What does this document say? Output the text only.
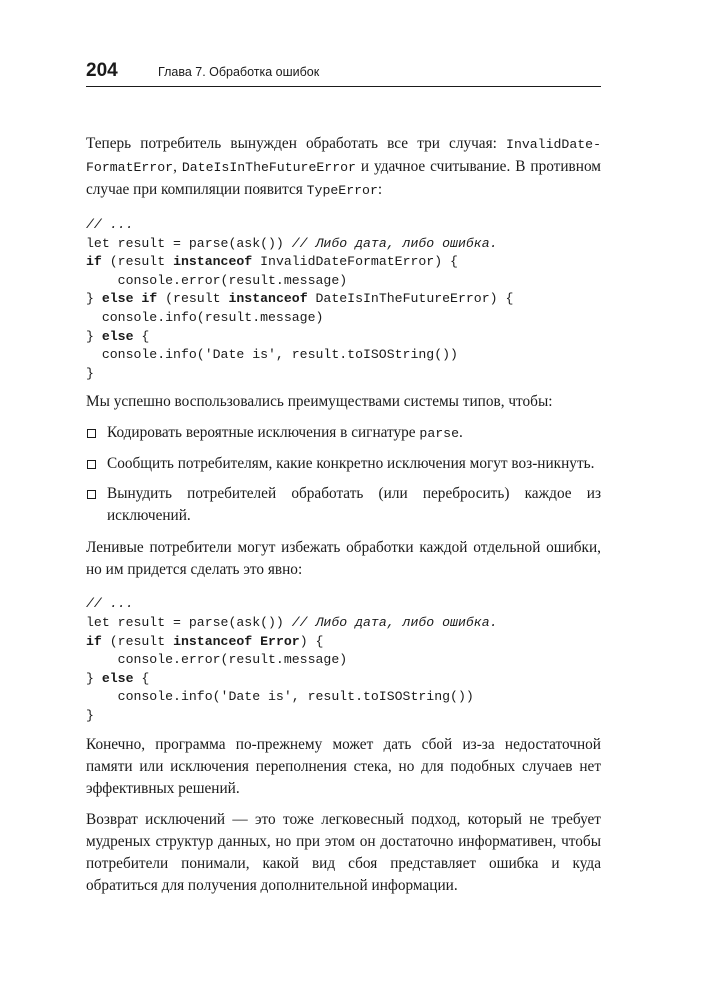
204	Глава 7. Обработка ошибок

Теперь потребитель вынужден обработать все три случая: InvalidDate-FormatError, DateIsInTheFutureError и удачное считывание. В противном случае при компиляции появится TypeError:

// ...
let result = parse(ask()) // Либо дата, либо ошибка.
if (result instanceof InvalidDateFormatError) {
console.error(result.message)
} else if (result instanceof DateIsInTheFutureError) {
console.info(result.message)
} else {
console.info('Date is', result.toISOString())
}

Мы успешно воспользовались преимуществами системы типов, чтобы:

Кодировать вероятные исключения в сигнатуре parse.
Сообщить потребителям, какие конкретно исключения могут воз-никнуть.
Вынудить потребителей обработать (или перебросить) каждое из исключений.

Ленивые потребители могут избежать обработки каждой отдельной ошибки, но им придется сделать это явно:

// ...
let result = parse(ask()) // Либо дата, либо ошибка.
if (result instanceof Error) {
console.error(result.message)
} else {
console.info('Date is', result.toISOString())
}

Конечно, программа по-прежнему может дать сбой из-за недостаточной памяти или исключения переполнения стека, но для подобных случаев нет эффективных решений.

Возврат исключений — это тоже легковесный подход, который не требует мудреных структур данных, но при этом он достаточно информативен, чтобы потребители понимали, какой вид сбоя представляет ошибка и куда обратиться для получения дополнительной информации.
